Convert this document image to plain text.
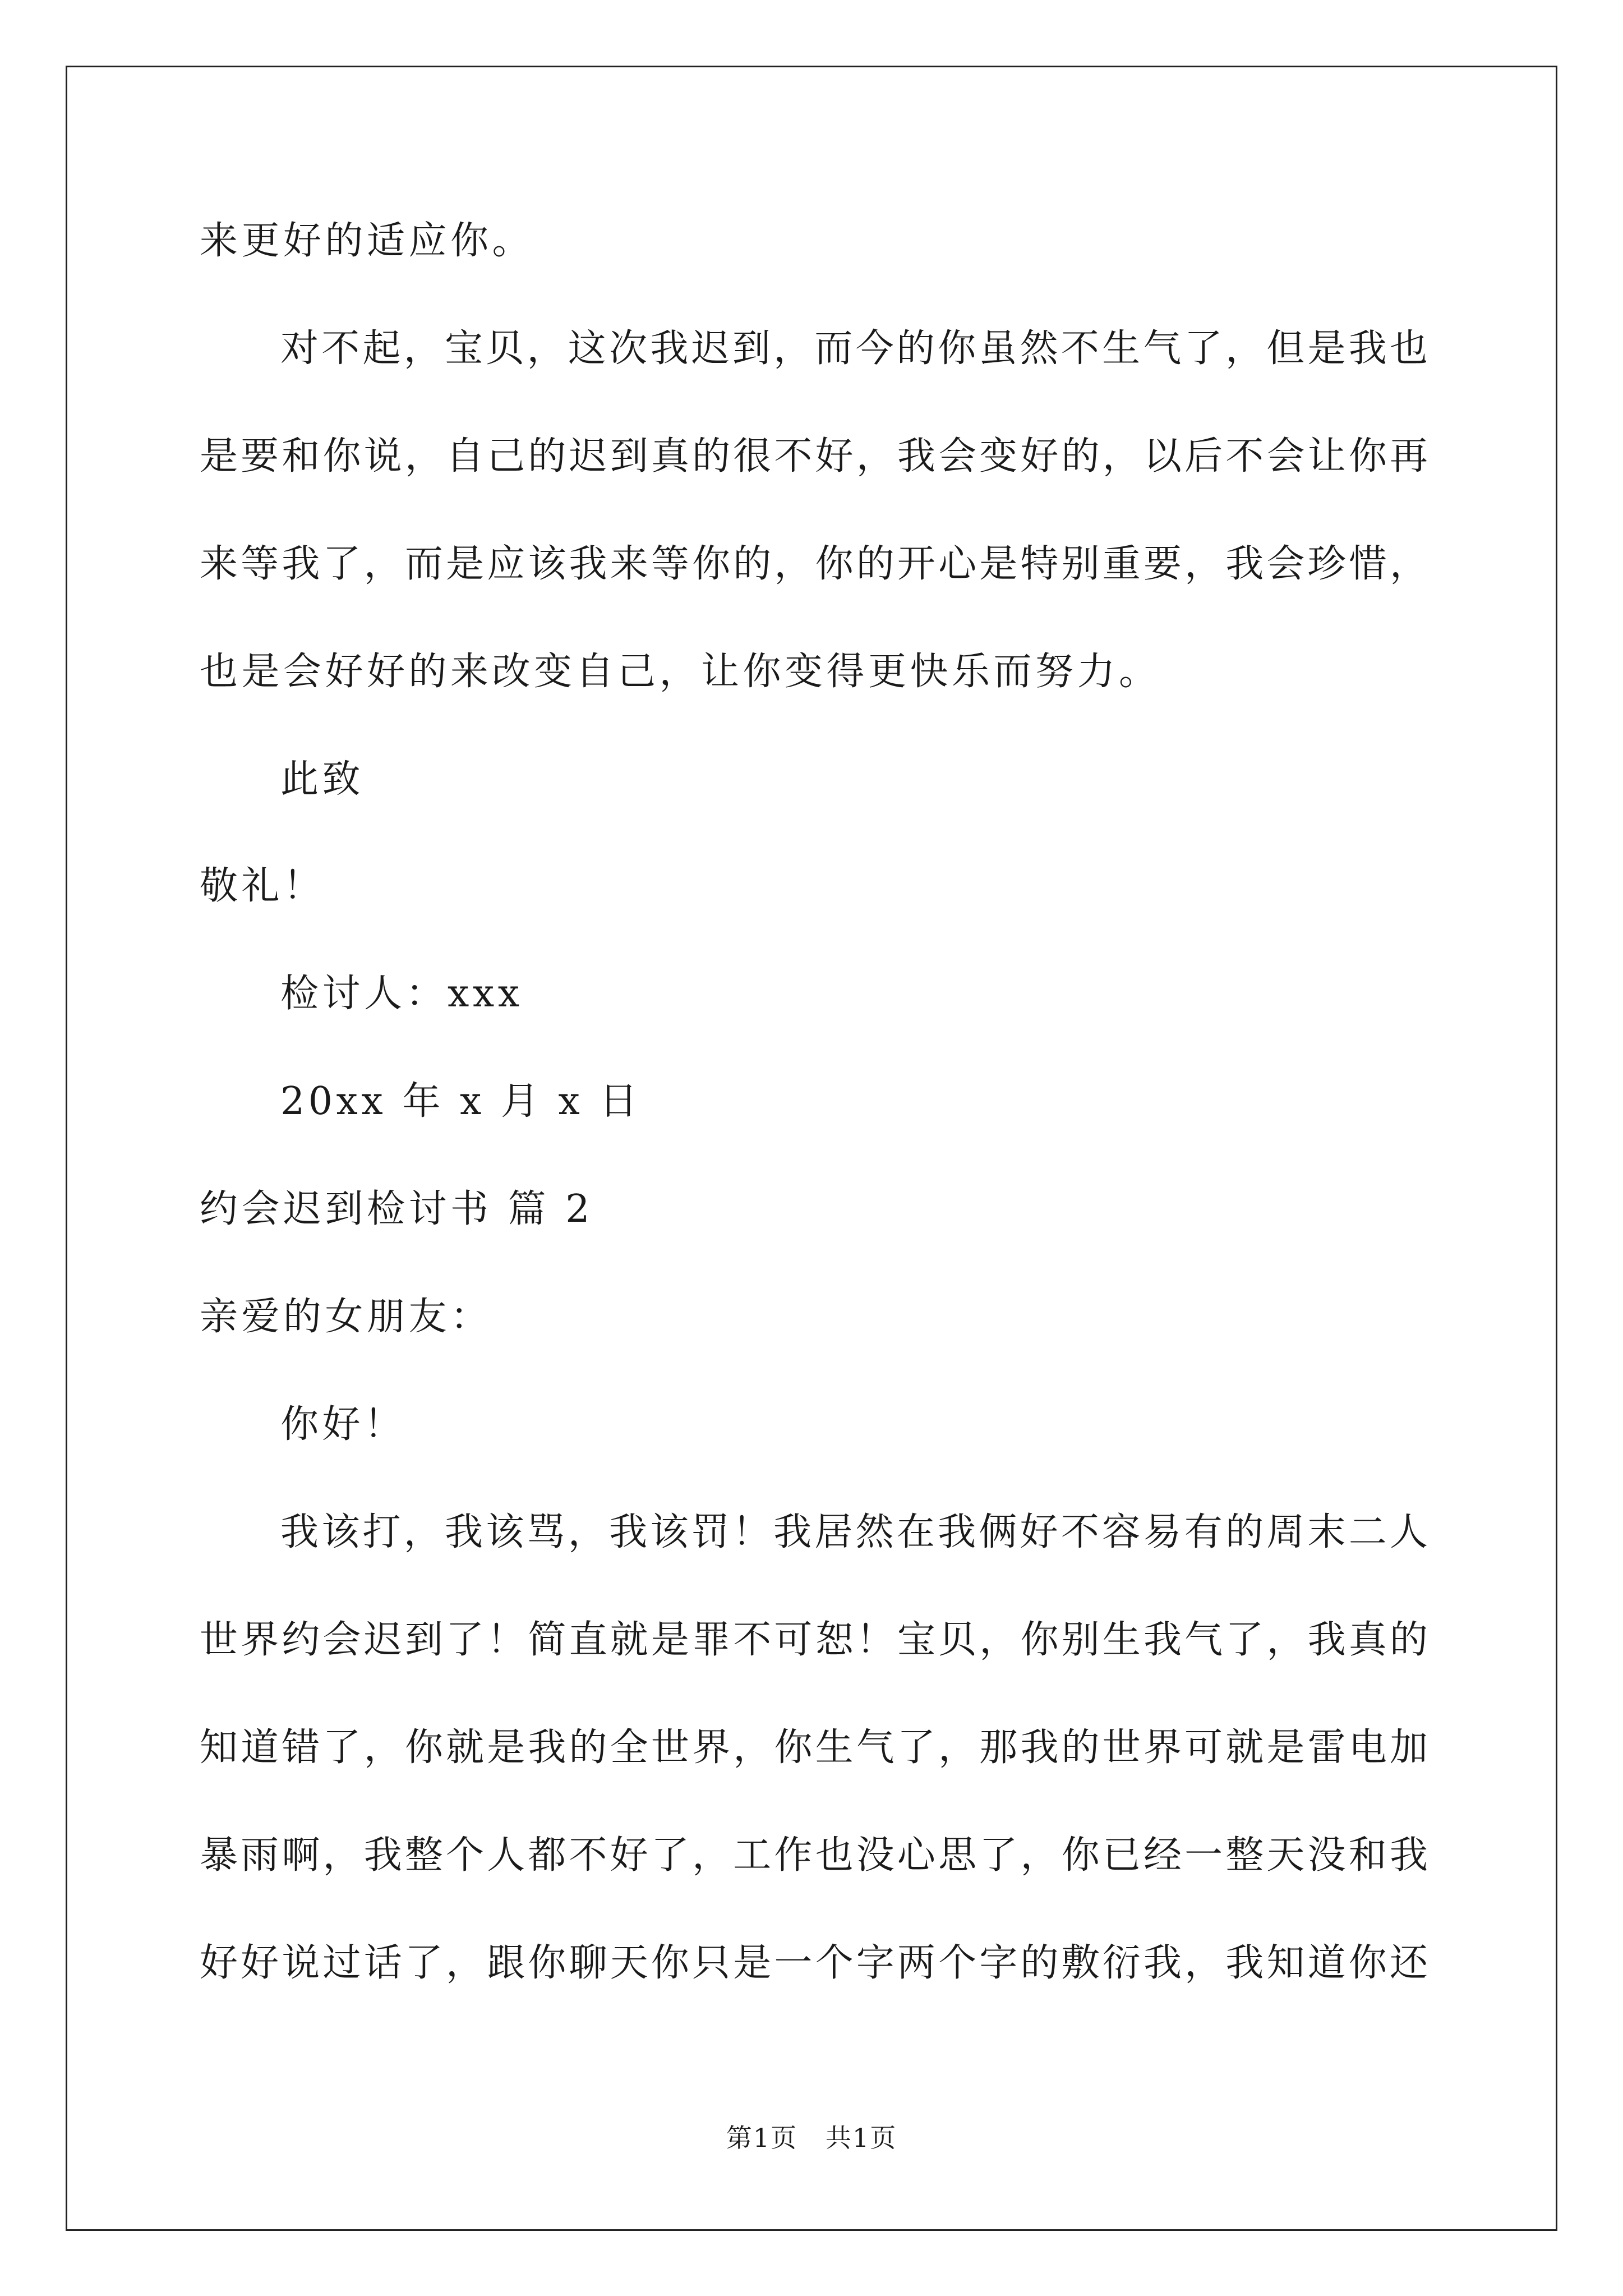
来更好的适应你。
对不起，宝贝，这次我迟到，而今的你虽然不生气了，但是我也
是要和你说，自己的迟到真的很不好，我会变好的，以后不会让你再
来等我了，而是应该我来等你的，你的开心是特别重要，我会珍惜，
也是会好好的来改变自己，让你变得更快乐而努力。
此致
敬礼！
检讨人：xxx
20xx 年 x 月 x 日
约会迟到检讨书 篇 2
亲爱的女朋友：
你好！
我该打，我该骂，我该罚！我居然在我俩好不容易有的周末二人
世界约会迟到了！简直就是罪不可恕！宝贝，你别生我气了，我真的
知道错了，你就是我的全世界，你生气了，那我的世界可就是雷电加
暴雨啊，我整个人都不好了，工作也没心思了，你已经一整天没和我
好好说过话了，跟你聊天你只是一个字两个字的敷衍我，我知道你还
第1页   共1页
